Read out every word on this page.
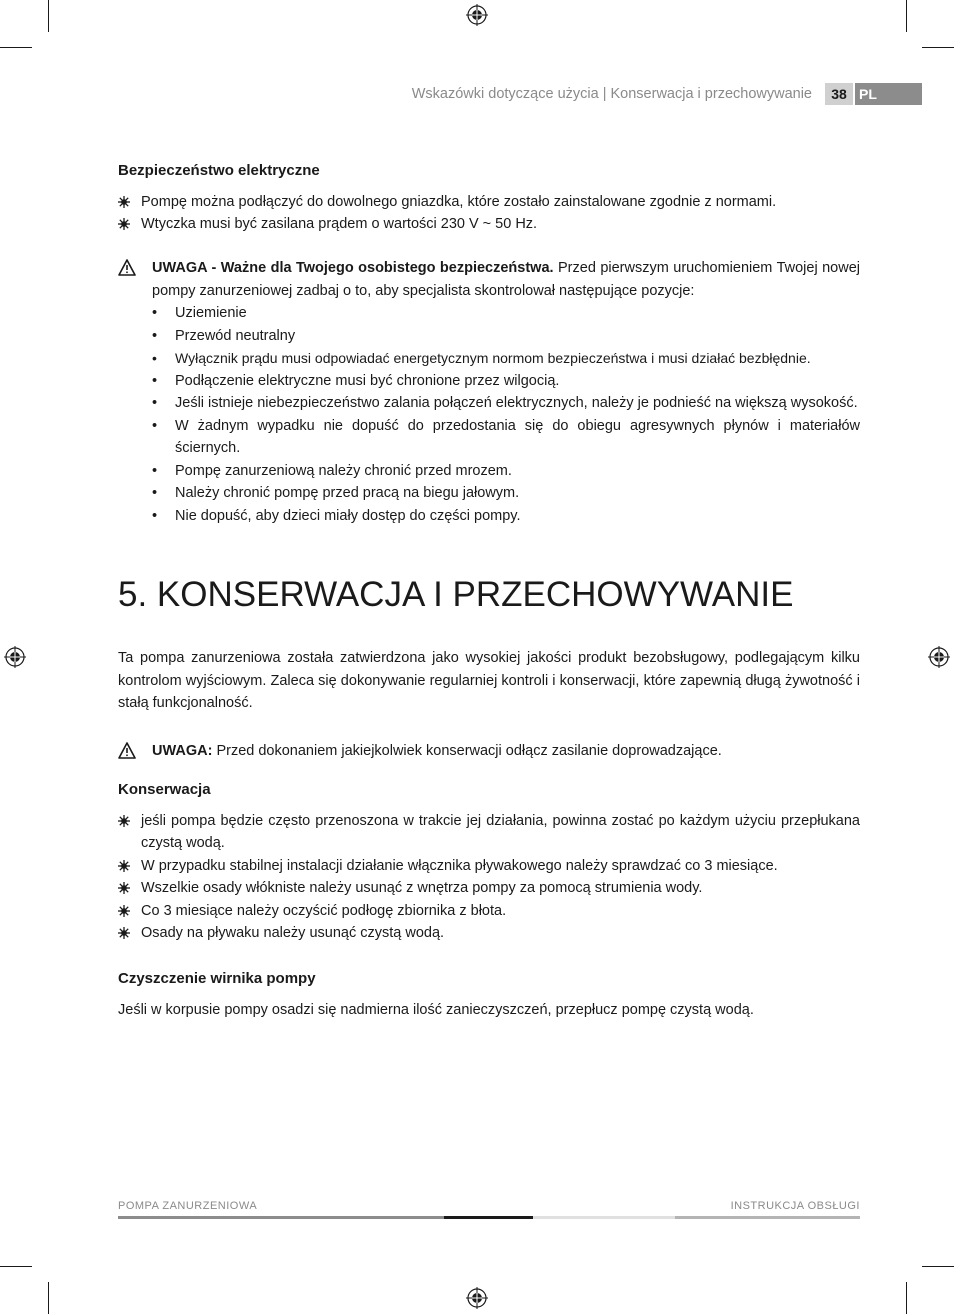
Wskazówki dotyczące użycia | Konserwacja i przechowywanie	38 PL
Bezpieczeństwo elektryczne
Pompę można podłączyć do dowolnego gniazdka, które zostało zainstalowane zgodnie z normami.
Wtyczka musi być zasilana prądem o wartości 230 V ~ 50 Hz.
UWAGA - Ważne dla Twojego osobistego bezpieczeństwa. Przed pierwszym uruchomieniem Twojej nowej pompy zanurzeniowej zadbaj o to, aby specjalista skontrolował następujące pozycje:
• Uziemienie
• Przewód neutralny
• Wyłącznik prądu musi odpowiadać energetycznym normom bezpieczeństwa i musi działać bezbłędnie.
• Podłączenie elektryczne musi być chronione przez wilgocią.
• Jeśli istnieje niebezpieczeństwo zalania połączeń elektrycznych, należy je podnieść na większą wysokość.
• W żadnym wypadku nie dopuść do przedostania się do obiegu agresywnych płynów i materiałów ściernych.
• Pompę zanurzeniową należy chronić przed mrozem.
• Należy chronić pompę przed pracą na biegu jałowym.
• Nie dopuść, aby dzieci miały dostęp do części pompy.
5. KONSERWACJA I PRZECHOWYWANIE

Ta pompa zanurzeniowa została zatwierdzona jako wysokiej jakości produkt bezobsługowy, podlegającym kilku kontrolom wyjściowym. Zaleca się dokonywanie regularniej kontroli i konserwacji, które zapewnią długą żywotność i stałą funkcjonalność.

UWAGA: Przed dokonaniem jakiejkolwiek konserwacji odłącz zasilanie doprowadzające.
Konserwacja
jeśli pompa będzie często przenoszona w trakcie jej działania, powinna zostać po każdym użyciu przepłukana czystą wodą.
W przypadku stabilnej instalacji działanie włącznika pływakowego należy sprawdzać co 3 miesiące.
Wszelkie osady włókniste należy usunąć z wnętrza pompy za pomocą strumienia wody.
Co 3 miesiące należy oczyścić podłogę zbiornika z błota.
Osady na pływaku należy usunąć czystą wodą.
Czyszczenie wirnika pompy

Jeśli w korpusie pompy osadzi się nadmierna ilość zanieczyszczeń, przepłucz pompę czystą wodą.

POMPA ZANURZENIOWA	INSTRUKCJA OBSŁUGI
